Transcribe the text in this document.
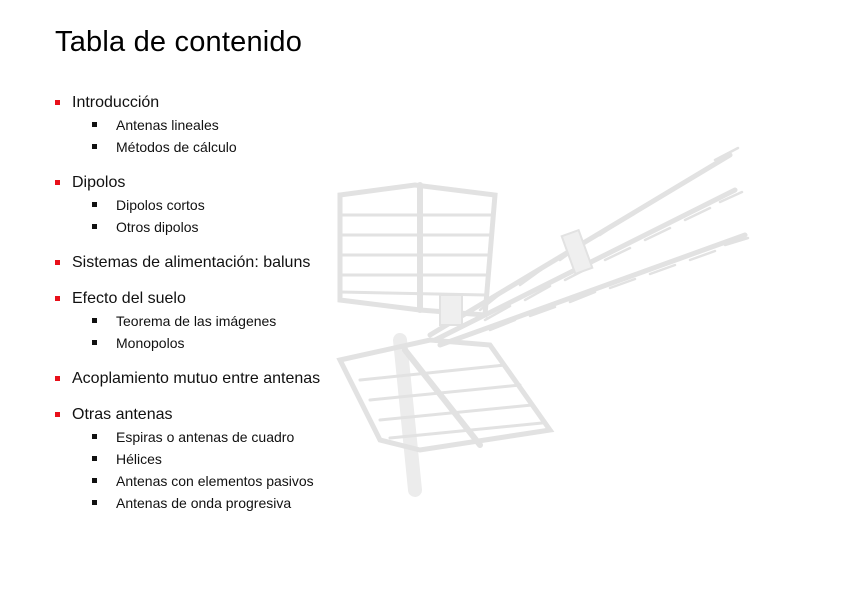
Tabla de contenido
Introducción
Antenas lineales
Métodos de cálculo
Dipolos
Dipolos cortos
Otros dipolos
Sistemas de alimentación: baluns
Efecto del suelo
Teorema de las imágenes
Monopolos
Acoplamiento mutuo entre antenas
Otras antenas
Espiras o antenas de cuadro
Hélices
Antenas con elementos pasivos
Antenas de onda progresiva
